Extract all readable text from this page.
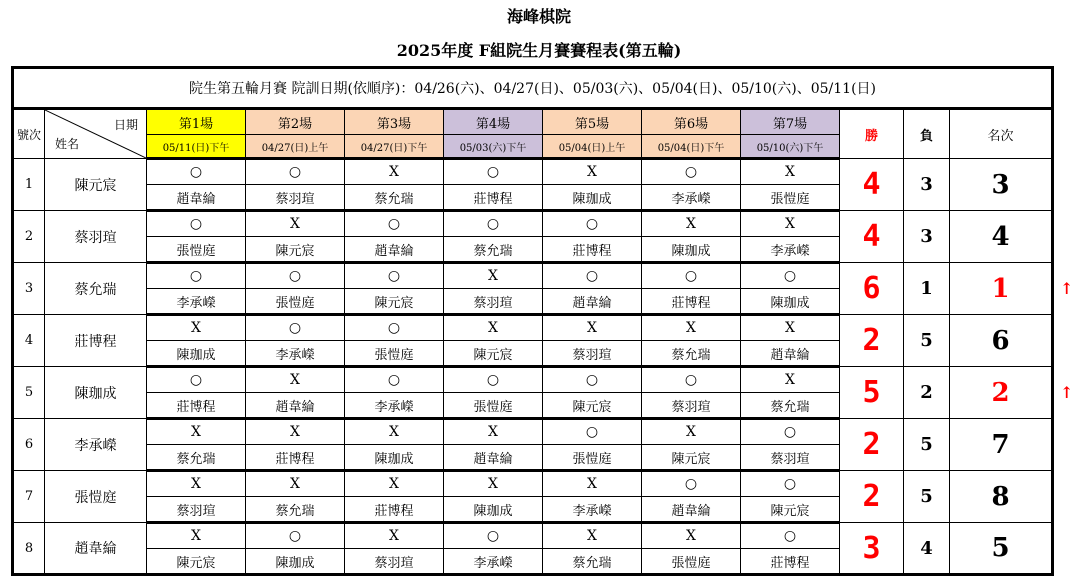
海峰棋院
2025年度 F組院生月賽賽程表(第五輪)
院生第五輪月賽 院訓日期(依順序)：04/26(六)、04/27(日)、05/03(六)、05/04(日)、05/10(六)、05/11(日)											
號次	日期
姓名	第1場	第2場	第3場	第4場	第5場	第6場	第7場	勝	負	名次
		05/11(日)下午	04/27(日)上午	04/27(日)下午	05/03(六)下午	05/04(日)上午	05/04(日)下午	05/10(六)下午			
1	陳元宸	○	○	X	○	X	○	X	4	3	3
		趙韋綸	蔡羽瑄	蔡允瑞	莊博程	陳珈成	李承嶸	張愷庭			
2	蔡羽瑄	○	X	○	○	○	X	X	4	3	4
		張愷庭	陳元宸	趙韋綸	蔡允瑞	莊博程	陳珈成	李承嶸			
3	蔡允瑞	○	○	○	X	○	○	○	6	1	1
		李承嶸	張愷庭	陳元宸	蔡羽瑄	趙韋綸	莊博程	陳珈成			
4	莊博程	X	○	○	X	X	X	X	2	5	6
		陳珈成	李承嶸	張愷庭	陳元宸	蔡羽瑄	蔡允瑞	趙韋綸			
5	陳珈成	○	X	○	○	○	○	X	5	2	2
		莊博程	趙韋綸	李承嶸	張愷庭	陳元宸	蔡羽瑄	蔡允瑞			
6	李承嶸	X	X	X	X	○	X	○	2	5	7
		蔡允瑞	莊博程	陳珈成	趙韋綸	張愷庭	陳元宸	蔡羽瑄			
7	張愷庭	X	X	X	X	X	○	○	2	5	8
		蔡羽瑄	蔡允瑞	莊博程	陳珈成	李承嶸	趙韋綸	陳元宸			
8	趙韋綸	X	○	X	○	X	X	○	3	4	5
		陳元宸	陳珈成	蔡羽瑄	李承嶸	蔡允瑞	張愷庭	莊博程			
↑
↑
